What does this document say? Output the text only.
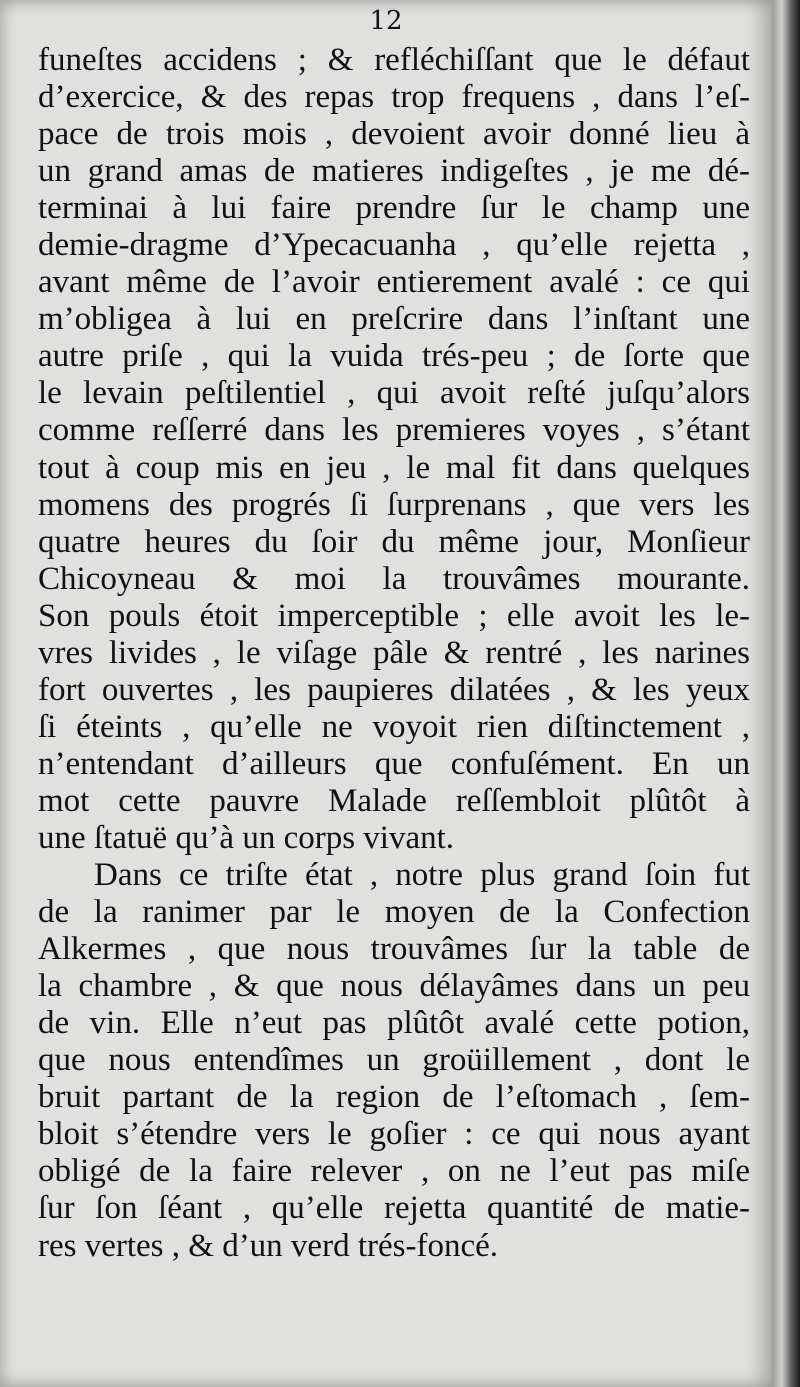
12
funeſtes accidens ; & refléchiſſant que le défaut
d’exercice, & des repas trop frequens , dans l’eſ-
pace de trois mois , devoient avoir donné lieu à
un grand amas de matieres indigeſtes , je me dé-
terminai à lui faire prendre ſur le champ une
demie-dragme d’Ypecacuanha , qu’elle rejetta ,
avant même de l’avoir entierement avalé : ce qui
m’obligea à lui en preſcrire dans l’inſtant une
autre priſe , qui la vuida trés-peu ; de ſorte que
le levain peſtilentiel , qui avoit reſté juſqu’alors
comme reſſerré dans les premieres voyes , s’étant
tout à coup mis en jeu , le mal fit dans quelques
momens des progrés ſi ſurprenans , que vers les
quatre heures du ſoir du même jour, Monſieur
Chicoyneau & moi la trouvâmes mourante.
Son pouls étoit imperceptible ; elle avoit les le-
vres livides , le viſage pâle & rentré , les narines
fort ouvertes , les paupieres dilatées , & les yeux
ſi éteints , qu’elle ne voyoit rien diſtinctement ,
n’entendant d’ailleurs que confuſément. En un
mot cette pauvre Malade reſſembloit plûtôt à
une ſtatuë qu’à un corps vivant.
Dans ce triſte état , notre plus grand ſoin fut
de la ranimer par le moyen de la Confection
Alkermes , que nous trouvâmes ſur la table de
la chambre , & que nous délayâmes dans un peu
de vin. Elle n’eut pas plûtôt avalé cette potion,
que nous entendîmes un groüillement , dont le
bruit partant de la region de l’eſtomach , ſem-
bloit s’étendre vers le goſier : ce qui nous ayant
obligé de la faire relever , on ne l’eut pas miſe
ſur ſon ſéant , qu’elle rejetta quantité de matie-
res vertes , & d’un verd trés-foncé.
